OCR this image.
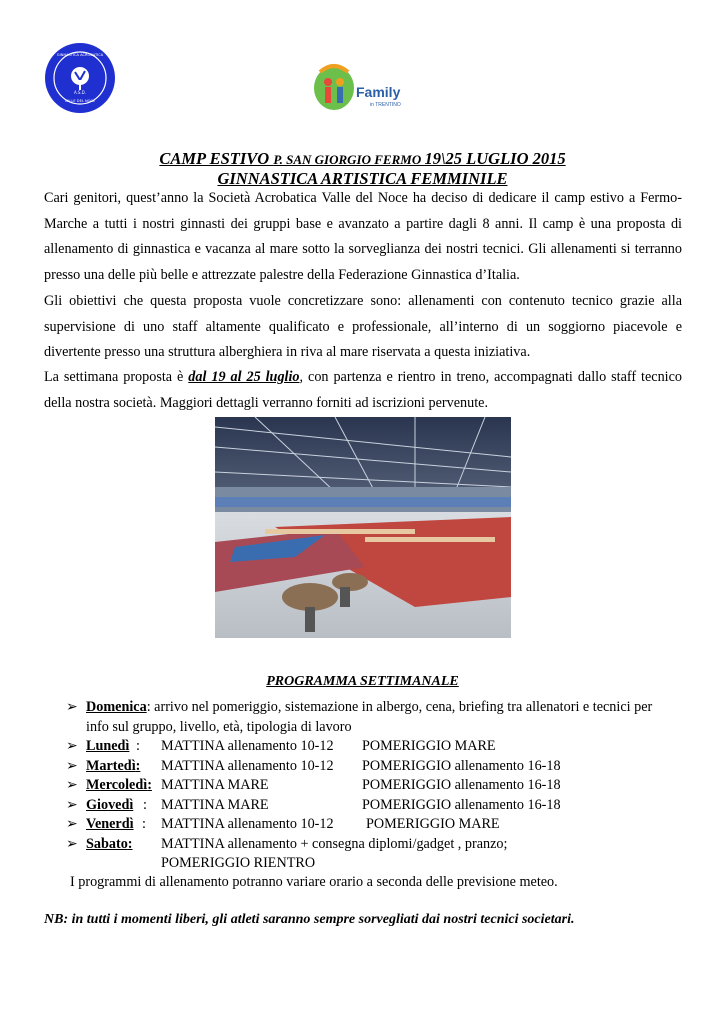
A.S.D.
VALLE DEL NOCE
GINNASTICA ACROBATICA
Family
in TRENTINO
CAMP ESTIVO P. SAN GIORGIO FERMO 19\25 LUGLIO 2015
GINNASTICA ARTISTICA FEMMINILE

Cari genitori, quest’anno la Società Acrobatica Valle del Noce ha deciso di dedicare il camp estivo a Fermo-Marche a tutti i nostri ginnasti dei gruppi base e avanzato a partire dagli 8 anni. Il camp è una proposta di allenamento di ginnastica e vacanza al mare sotto la sorveglianza dei nostri tecnici. Gli allenamenti si terranno presso una delle più belle e attrezzate palestre della Federazione Ginnastica d’Italia.

Gli obiettivi che questa proposta vuole concretizzare sono: allenamenti con contenuto tecnico grazie alla supervisione di uno staff altamente qualificato e professionale, all’interno di un soggiorno piacevole e divertente presso una struttura alberghiera in riva al mare riservata a questa iniziativa.

La settimana proposta è dal 19 al 25 luglio, con partenza e rientro in treno, accompagnati dallo staff tecnico della nostra società. Maggiori dettagli verranno forniti ad iscrizioni pervenute.

PROGRAMMA SETTIMANALE
➢ Domenica: arrivo nel pomeriggio, sistemazione in albergo, cena, briefing tra allenatori e tecnici per
info sul gruppo, livello, età, tipologia di lavoro
➢ Lunedì : MATTINA allenamento 10-12 POMERIGGIO MARE
➢ Martedì: MATTINA allenamento 10-12 POMERIGGIO allenamento 16-18
➢ Mercoledì: MATTINA MARE	POMERIGGIO allenamento 16-18
➢ Giovedì : MATTINA MARE	POMERIGGIO allenamento 16-18
➢ Venerdì : MATTINA allenamento 10-12 POMERIGGIO MARE
➢ Sabato: MATTINA allenamento + consegna diplomi/gadget , pranzo;
POMERIGGIO RIENTRO
I programmi di allenamento potranno variare orario a seconda delle previsione meteo.
NB: in tutti i momenti liberi, gli atleti saranno sempre sorvegliati dai nostri tecnici societari.
